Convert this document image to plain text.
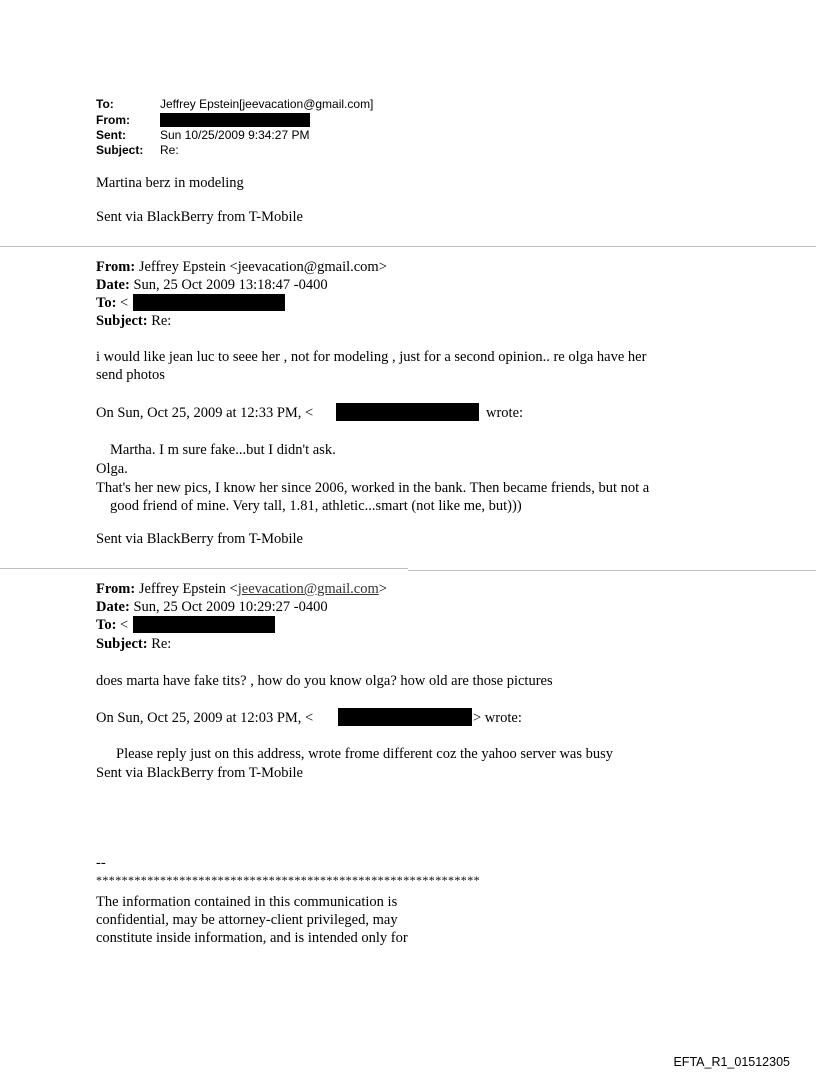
To:	Jeffrey Epstein[jeevacation@gmail.com]
From:
Sent:	Sun 10/25/2009 9:34:27 PM
Subject: Re:
Martina berz in modeling
Sent via BlackBerry from T-Mobile
From: Jeffrey Epstein <jeevacation@gmail.com>
Date: Sun, 25 Oct 2009 13:18:47 -0400
To: <
Subject: Re:
i would like jean luc to seee her , not for modeling , just for a second opinion.. re olga have her
send photos
On Sun, Oct 25, 2009 at 12:33 PM, <	wrote:
Martha. I m sure fake...but I didn't ask.
Olga.
That's her new pics, I know her since 2006, worked in the bank. Then became friends, but not a
good friend of mine. Very tall, 1.81, athletic...smart (not like me, but)))
Sent via BlackBerry from T-Mobile
From: Jeffrey Epstein <jeevacation@gmail.com>
Date: Sun, 25 Oct 2009 10:29:27 -0400
To: <
Subject: Re:
does marta have fake tits? , how do you know olga? how old are those pictures
On Sun, Oct 25, 2009 at 12:03 PM, <	> wrote:
Please reply just on this address, wrote frome different coz the yahoo server was busy
Sent via BlackBerry from T-Mobile
--
************************************************************
The information contained in this communication is
confidential, may be attorney-client privileged, may
constitute inside information, and is intended only for
EFTA_R1_01512305
